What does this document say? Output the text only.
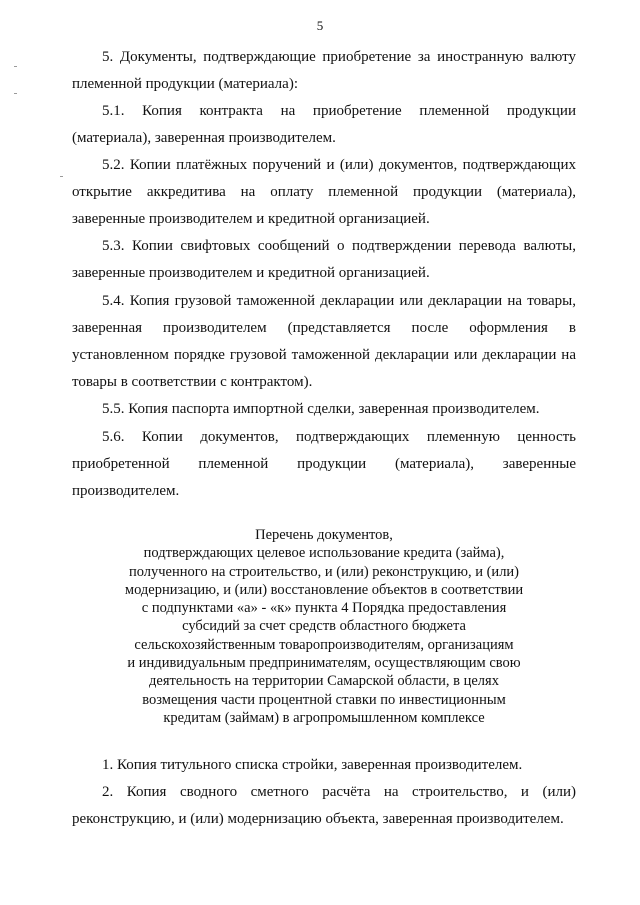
5
5. Документы, подтверждающие приобретение за иностранную валюту
племенной продукции (материала):
5.1. Копия контракта на приобретение племенной продукции
(материала), заверенная производителем.
5.2. Копии платёжных поручений и (или) документов, подтверждающих
открытие аккредитива на оплату племенной продукции (материала),
заверенные производителем и кредитной организацией.
5.3. Копии свифтовых сообщений о подтверждении перевода валюты,
заверенные производителем и кредитной организацией.
5.4. Копия грузовой таможенной декларации или декларации на товары,
заверенная производителем (представляется после оформления в
установленном порядке грузовой таможенной декларации или декларации на
товары в соответствии с контрактом).
5.5. Копия паспорта импортной сделки, заверенная производителем.
5.6. Копии документов, подтверждающих племенную ценность
приобретенной племенной продукции (материала), заверенные
производителем.
Перечень документов,
подтверждающих целевое использование кредита (займа),
полученного на строительство, и (или) реконструкцию, и (или)
модернизацию, и (или) восстановление объектов в соответствии
с подпунктами «а» - «к» пункта 4 Порядка предоставления
субсидий за счет средств областного бюджета
сельскохозяйственным товаропроизводителям, организациям
и индивидуальным предпринимателям, осуществляющим свою
деятельность на территории Самарской области, в целях
возмещения части процентной ставки по инвестиционным
кредитам (займам) в агропромышленном комплексе
1. Копия титульного списка стройки, заверенная производителем.
2. Копия сводного сметного расчёта на строительство, и (или)
реконструкцию, и (или) модернизацию объекта, заверенная производителем.
